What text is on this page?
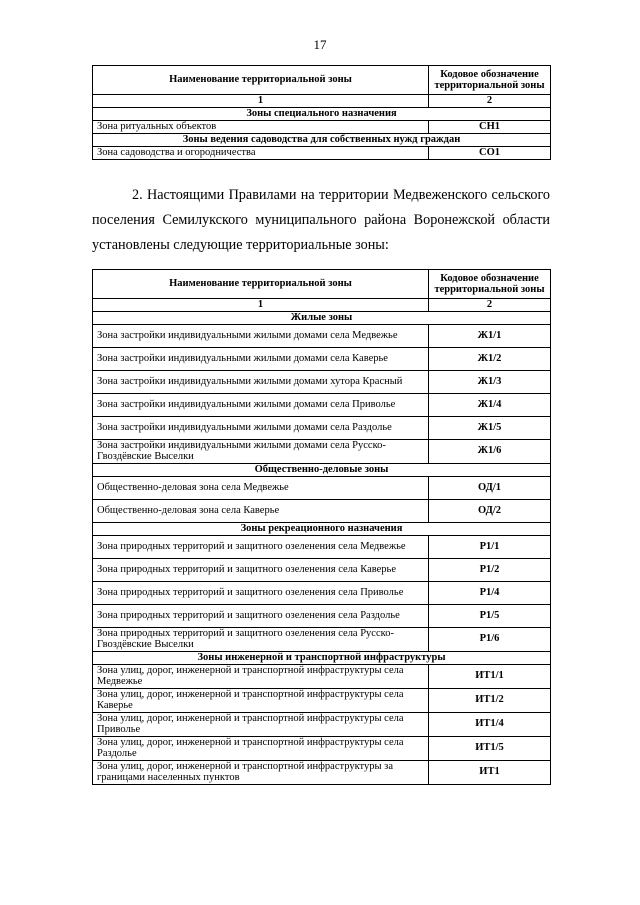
17
Наименование территориальной зоны	Кодовое обозначение территориальной зоны
1	2
Зоны специального назначения	
Зона ритуальных объектов	СН1
Зоны ведения садоводства для собственных нужд граждан	
Зона садоводства и огородничества	СО1
2. Настоящими Правилами на территории Медвеженского сельского поселения Семилукского муниципального района Воронежской области установлены следующие территориальные зоны:
Наименование территориальной зоны	Кодовое обозначение территориальной зоны
1	2
Жилые зоны	
Зона застройки индивидуальными жилыми домами села Медвежье	Ж1/1
Зона застройки индивидуальными жилыми домами села Каверье	Ж1/2
Зона застройки индивидуальными жилыми домами хутора Красный	Ж1/3
Зона застройки индивидуальными жилыми домами села Приволье	Ж1/4
Зона застройки индивидуальными жилыми домами села Раздолье	Ж1/5
Зона застройки индивидуальными жилыми домами села Русско-Гвоздёвские Выселки	Ж1/6
Общественно-деловые зоны	
Общественно-деловая зона села Медвежье	ОД/1
Общественно-деловая зона села Каверье	ОД/2
Зоны рекреационного назначения	
Зона природных территорий и защитного озеленения села Медвежье	Р1/1
Зона природных территорий и защитного озеленения села Каверье	Р1/2
Зона природных территорий и защитного озеленения села Приволье	Р1/4
Зона природных территорий и защитного озеленения села Раздолье	Р1/5
Зона природных территорий и защитного озеленения села Русско-Гвоздёвские Выселки	Р1/6
Зоны инженерной и транспортной инфраструктуры	
Зона улиц, дорог, инженерной и транспортной инфраструктуры села Медвежье	ИТ1/1
Зона улиц, дорог, инженерной и транспортной инфраструктуры села Каверье	ИТ1/2
Зона улиц, дорог, инженерной и транспортной инфраструктуры села Приволье	ИТ1/4
Зона улиц, дорог, инженерной и транспортной инфраструктуры села Раздолье	ИТ1/5
Зона улиц, дорог, инженерной и транспортной инфраструктуры за границами населенных пунктов	ИТ1
